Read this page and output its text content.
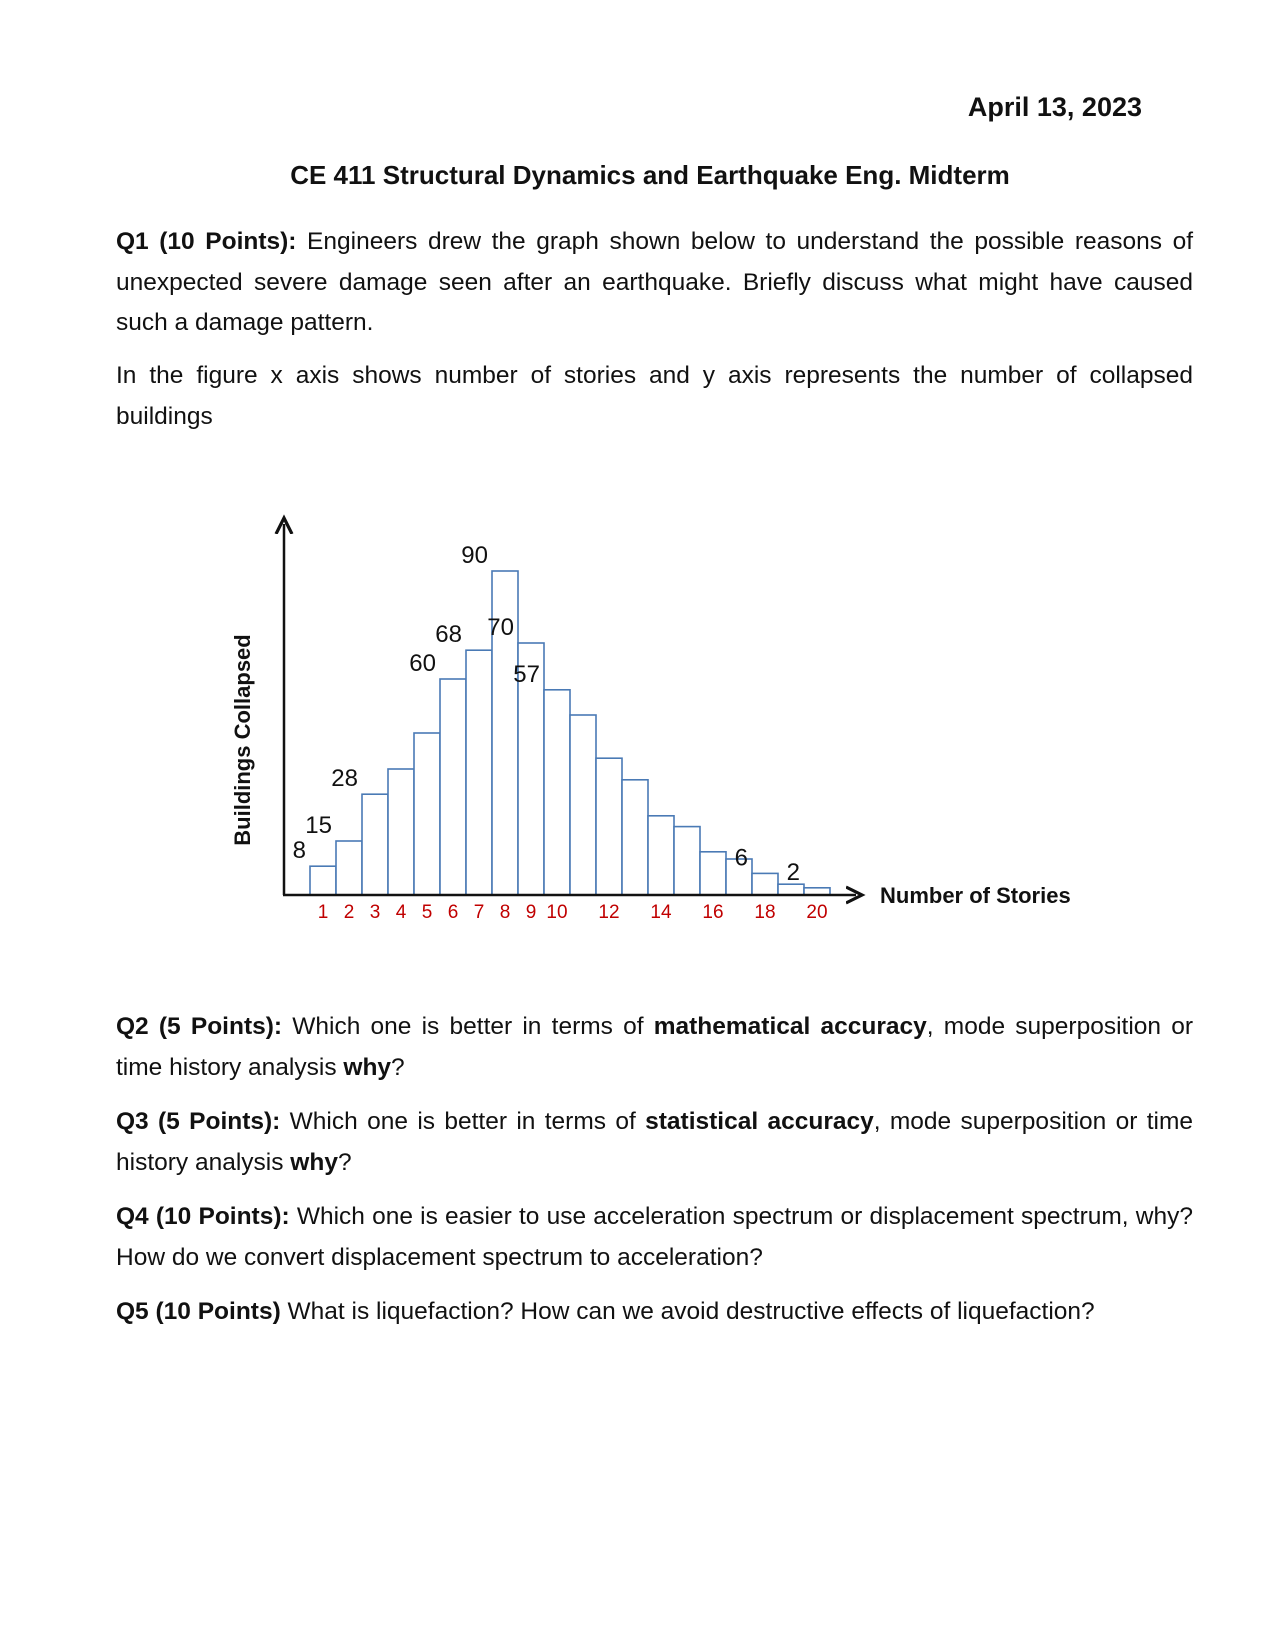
April 13, 2023
CE 411 Structural Dynamics and Earthquake Eng. Midterm
Q1 (10 Points): Engineers drew the graph shown below to understand the possible reasons of unexpected severe damage seen after an earthquake. Briefly discuss what might have caused such a damage pattern.
In the figure x axis shows number of stories and y axis represents the number of collapsed buildings
8
15
28
60
68
90
70
57
6
2
1 2 3 4 5 6 7 8 9 10 12 14 16 18 20
Buildings Collapsed
Number of Stories
Q2 (5 Points): Which one is better in terms of mathematical accuracy, mode superposition or time history analysis why?
Q3 (5 Points): Which one is better in terms of statistical accuracy, mode superposition or time history analysis why?
Q4 (10 Points): Which one is easier to use acceleration spectrum or displacement spectrum, why? How do we convert displacement spectrum to acceleration?
Q5 (10 Points) What is liquefaction? How can we avoid destructive effects of liquefaction?
